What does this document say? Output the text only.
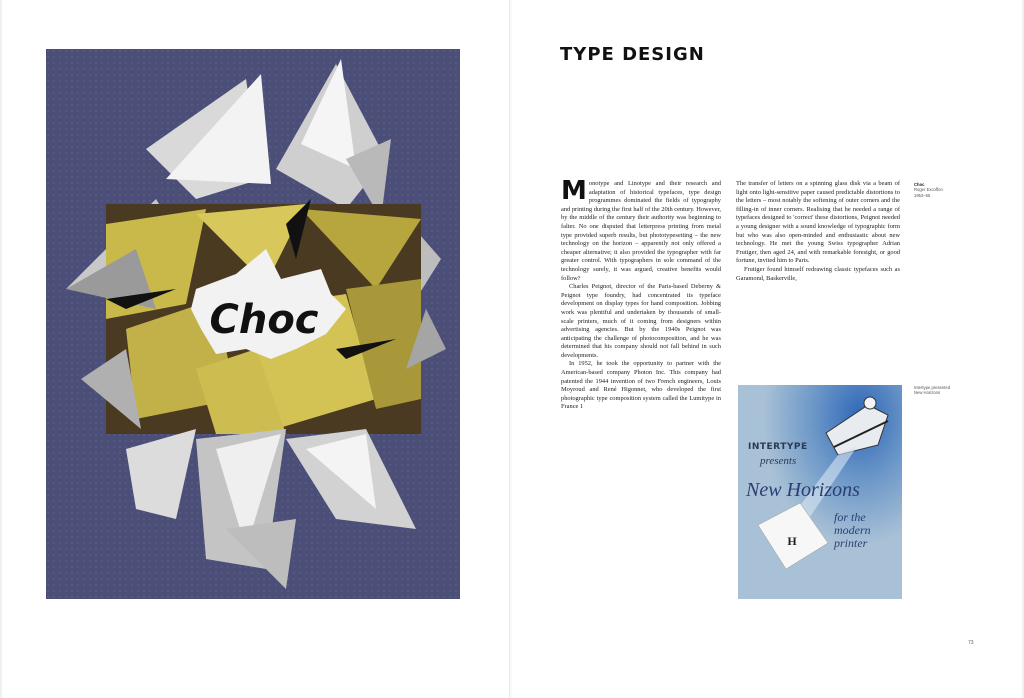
Choc
TYPE DESIGN

Monotype and Linotype and their research and adaptation of historical typefaces, type design programmes dominated the fields of typography and printing during the first half of the 20th century. However, by the middle of the century their authority was beginning to falter. No one disputed that letterpress printing from metal type provided superb results, but phototypesetting – the new technology on the horizon – apparently not only offered a cheaper alternative; it also provided the typographer with far greater control. With typographers in sole command of the technology surely, it was argued, creative benefits would follow?

Charles Peignot, director of the Paris-based Deberny & Peignot type foundry, had concentrated its typeface development on display types for hand composition. Jobbing work was plentiful and undertaken by thousands of small-scale printers, much of it coming from designers within advertising agencies. But by the 1940s Peignot was anticipating the challenge of photocomposition, and he was determined that his company should not fall behind in such developments.

In 1952, he took the opportunity to partner with the American-based company Photon Inc. This company had patented the 1944 invention of two French engineers, Louis Moyroud and René Higonnet, who developed the first photographic type composition system called the Lumitype in France 1

The transfer of letters on a spinning glass disk via a beam of light onto light-sensitive paper caused predictable distortions to the letters – most notably the softening of outer corners and the filling-in of inner corners. Realising that he needed a range of typefaces designed to 'correct' these distortions, Peignot needed a young designer with a sound knowledge of typographic form but who was also open-minded and enthusiastic about new technology. He met the young Swiss typographer Adrian Frutiger, then aged 24, and with remarkable foresight, or good fortune, invited him to Paris.

Frutiger found himself redrawing classic typefaces such as Garamond, Baskerville,

Choc
Roger Excoffon
1953–55
Intertype presented
New Horizons
H
INTERTYPE
presents
New Horizons
for the modern printer
73
